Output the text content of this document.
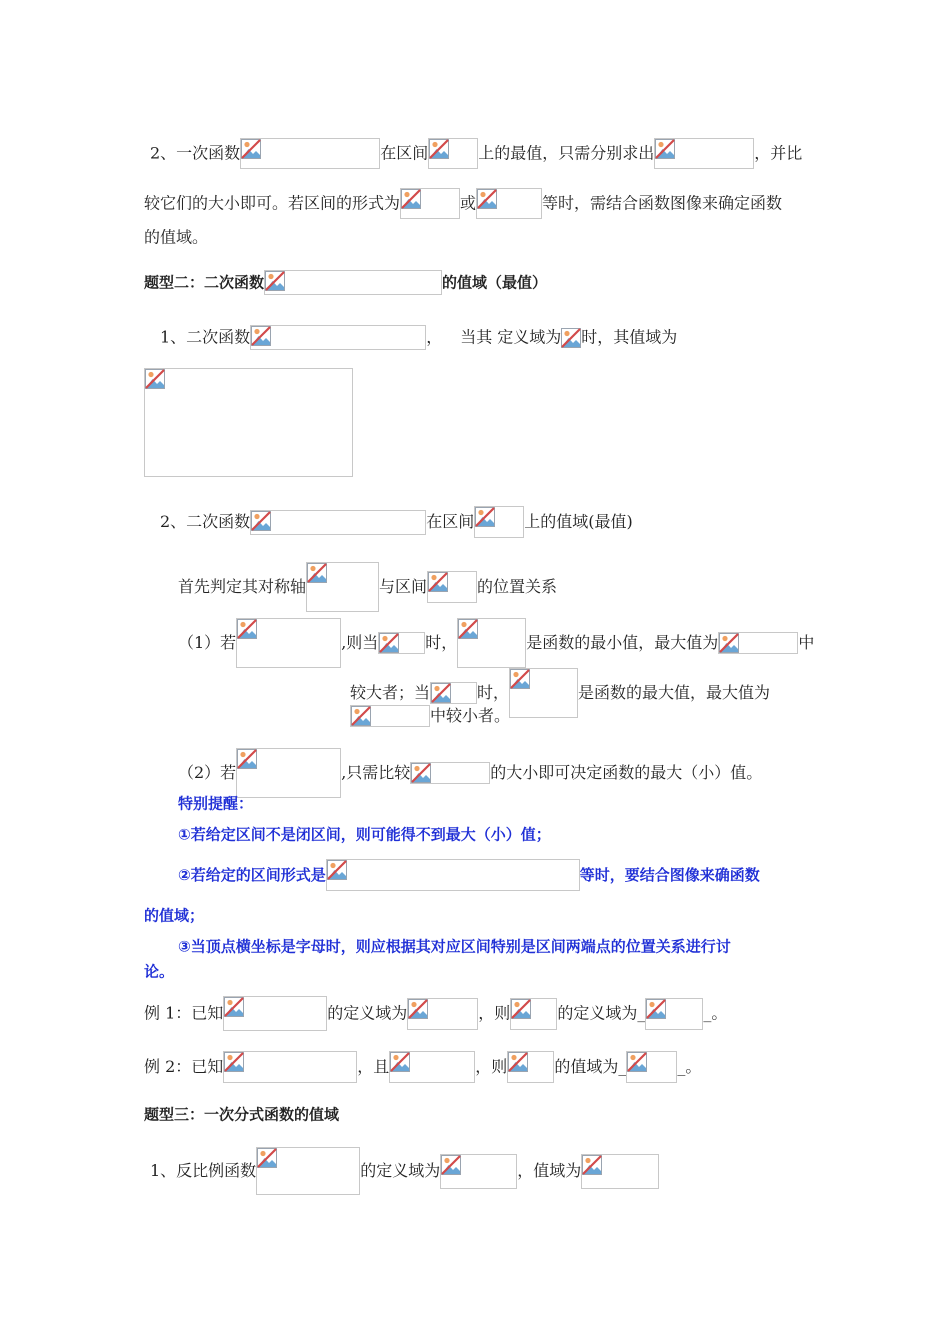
2、一次函数	在区间	上的最值，只需分别求出	，并比
较它们的大小即可。若区间的形式为	或	等时，需结合函数图像来确定函数
的值域。
题型二：二次函数	的值域（最值）
1、二次函数	， 当其 定义域为 时，其值域为
2、二次函数	在区间	上的值域(最值)
首先判定其对称轴	与区间	的位置关系
（1）若	,则当	时，	是函数的最小值，最大值为	中
较大者；当	时，	是函数的最大值，最大值为
中较小者。
（2）若	,只需比较	的大小即可决定函数的最大（小）值。
特别提醒：
①若给定区间不是闭区间，则可能得不到最大（小）值；
②若给定的区间形式是	等时，要结合图像来确函数
的值域；
③当顶点横坐标是字母时，则应根据其对应区间特别是区间两端点的位置关系进行讨
论。
例 1：已知	的定义域为	，则	的定义域为_	_。
例 2：已知	，且	，则	的值域为_	_。
题型三：一次分式函数的值域
1、反比例函数	的定义域为	，值域为
